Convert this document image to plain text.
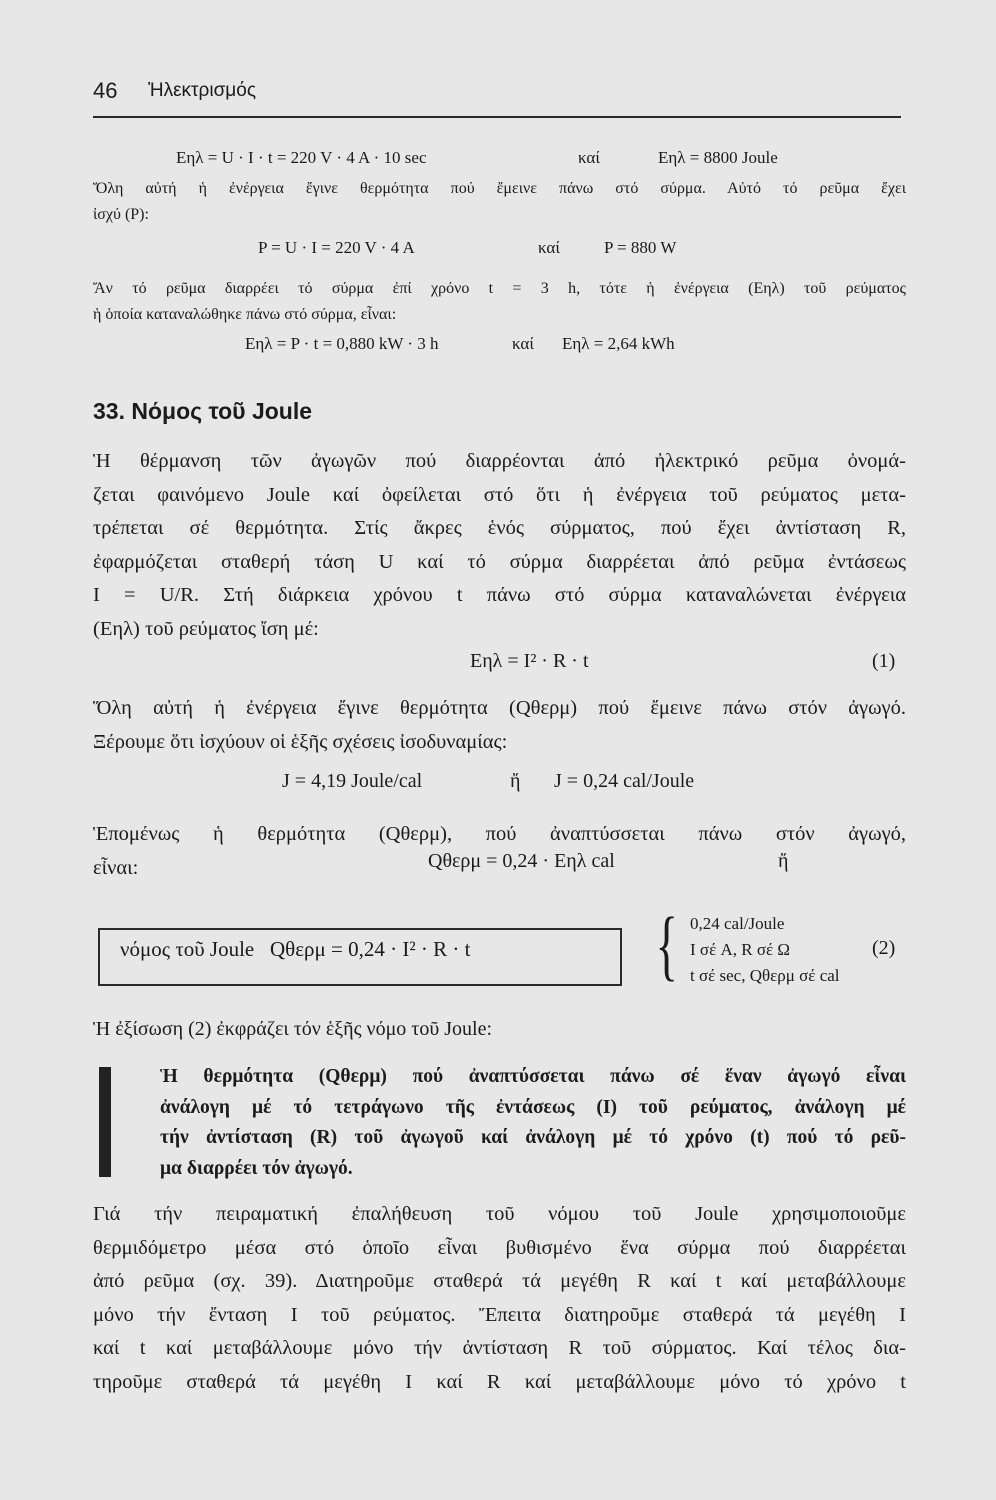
46 Ἠλεκτρισμός
Eηλ = U · I · t = 220 V · 4 A · 10 sec	καί	Eηλ = 8800 Joule
Ὅλη αὐτή ἡ ἐνέργεια ἔγινε θερμότητα πού ἔμεινε πάνω στό σύρμα. Αὐτό τό ρεῦμα ἔχει
ἰσχύ (P):
P = U · I = 220 V · 4 A	καί	P = 880 W
Ἄν τό ρεῦμα διαρρέει τό σύρμα ἐπί χρόνο t = 3 h, τότε ἡ ἐνέργεια (Eηλ) τοῦ ρεύματος
ἡ ὁποία καταναλώθηκε πάνω στό σύρμα, εἶναι:
Eηλ = P · t = 0,880 kW · 3 h	καί Eηλ = 2,64 kWh
33. Νόμος τοῦ Joule
Ἡ θέρμανση τῶν ἀγωγῶν πού διαρρέονται ἀπό ἠλεκτρικό ρεῦμα ὀνομά-
ζεται φαινόμενο Joule καί ὀφείλεται στό ὅτι ἡ ἐνέργεια τοῦ ρεύματος μετα-
τρέπεται σέ θερμότητα. Στίς ἄκρες ἑνός σύρματος, πού ἔχει ἀντίσταση R,
ἐφαρμόζεται σταθερή τάση U καί τό σύρμα διαρρέεται ἀπό ρεῦμα ἐντάσεως
I = U/R. Στή διάρκεια χρόνου t πάνω στό σύρμα καταναλώνεται ἐνέργεια
(Eηλ) τοῦ ρεύματος ἴση μέ:
Eηλ = I² · R · t	(1)
Ὅλη αὐτή ἡ ἐνέργεια ἔγινε θερμότητα (Qθερμ) πού ἔμεινε πάνω στόν ἀγωγό.
Ξέρουμε ὅτι ἰσχύουν οἱ ἑξῆς σχέσεις ἰσοδυναμίας:
J = 4,19 Joule/cal	ἤ J = 0,24 cal/Joule
Ἑπομένως ἡ θερμότητα (Qθερμ), πού ἀναπτύσσεται πάνω στόν ἀγωγό,
εἶναι:	Qθερμ = 0,24 · Eηλ cal	ἤ
νόμος τοῦ Joule Qθερμ = 0,24 · I² · R · t { 0,24 cal/Joule
I σέ A, R σέ Ω
t σέ sec, Qθερμ σέ cal
(2)
Ἡ ἐξίσωση (2) ἐκφράζει τόν ἑξῆς νόμο τοῦ Joule:
Ἡ θερμότητα (Qθερμ) πού ἀναπτύσσεται πάνω σέ ἕναν ἀγωγό εἶναι
ἀνάλογη μέ τό τετράγωνο τῆς ἐντάσεως (I) τοῦ ρεύματος, ἀνάλογη μέ
τήν ἀντίσταση (R) τοῦ ἀγωγοῦ καί ἀνάλογη μέ τό χρόνο (t) πού τό ρεῦ-
μα διαρρέει τόν ἀγωγό.
Γιά τήν πειραματική ἐπαλήθευση τοῦ νόμου τοῦ Joule χρησιμοποιοῦμε
θερμιδόμετρο μέσα στό ὁποῖο εἶναι βυθισμένο ἕνα σύρμα πού διαρρέεται
ἀπό ρεῦμα (σχ. 39). Διατηροῦμε σταθερά τά μεγέθη R καί t καί μεταβάλλουμε
μόνο τήν ἔνταση I τοῦ ρεύματος. Ἔπειτα διατηροῦμε σταθερά τά μεγέθη I
καί t καί μεταβάλλουμε μόνο τήν ἀντίσταση R τοῦ σύρματος. Καί τέλος δια-
τηροῦμε σταθερά τά μεγέθη I καί R καί μεταβάλλουμε μόνο τό χρόνο t
